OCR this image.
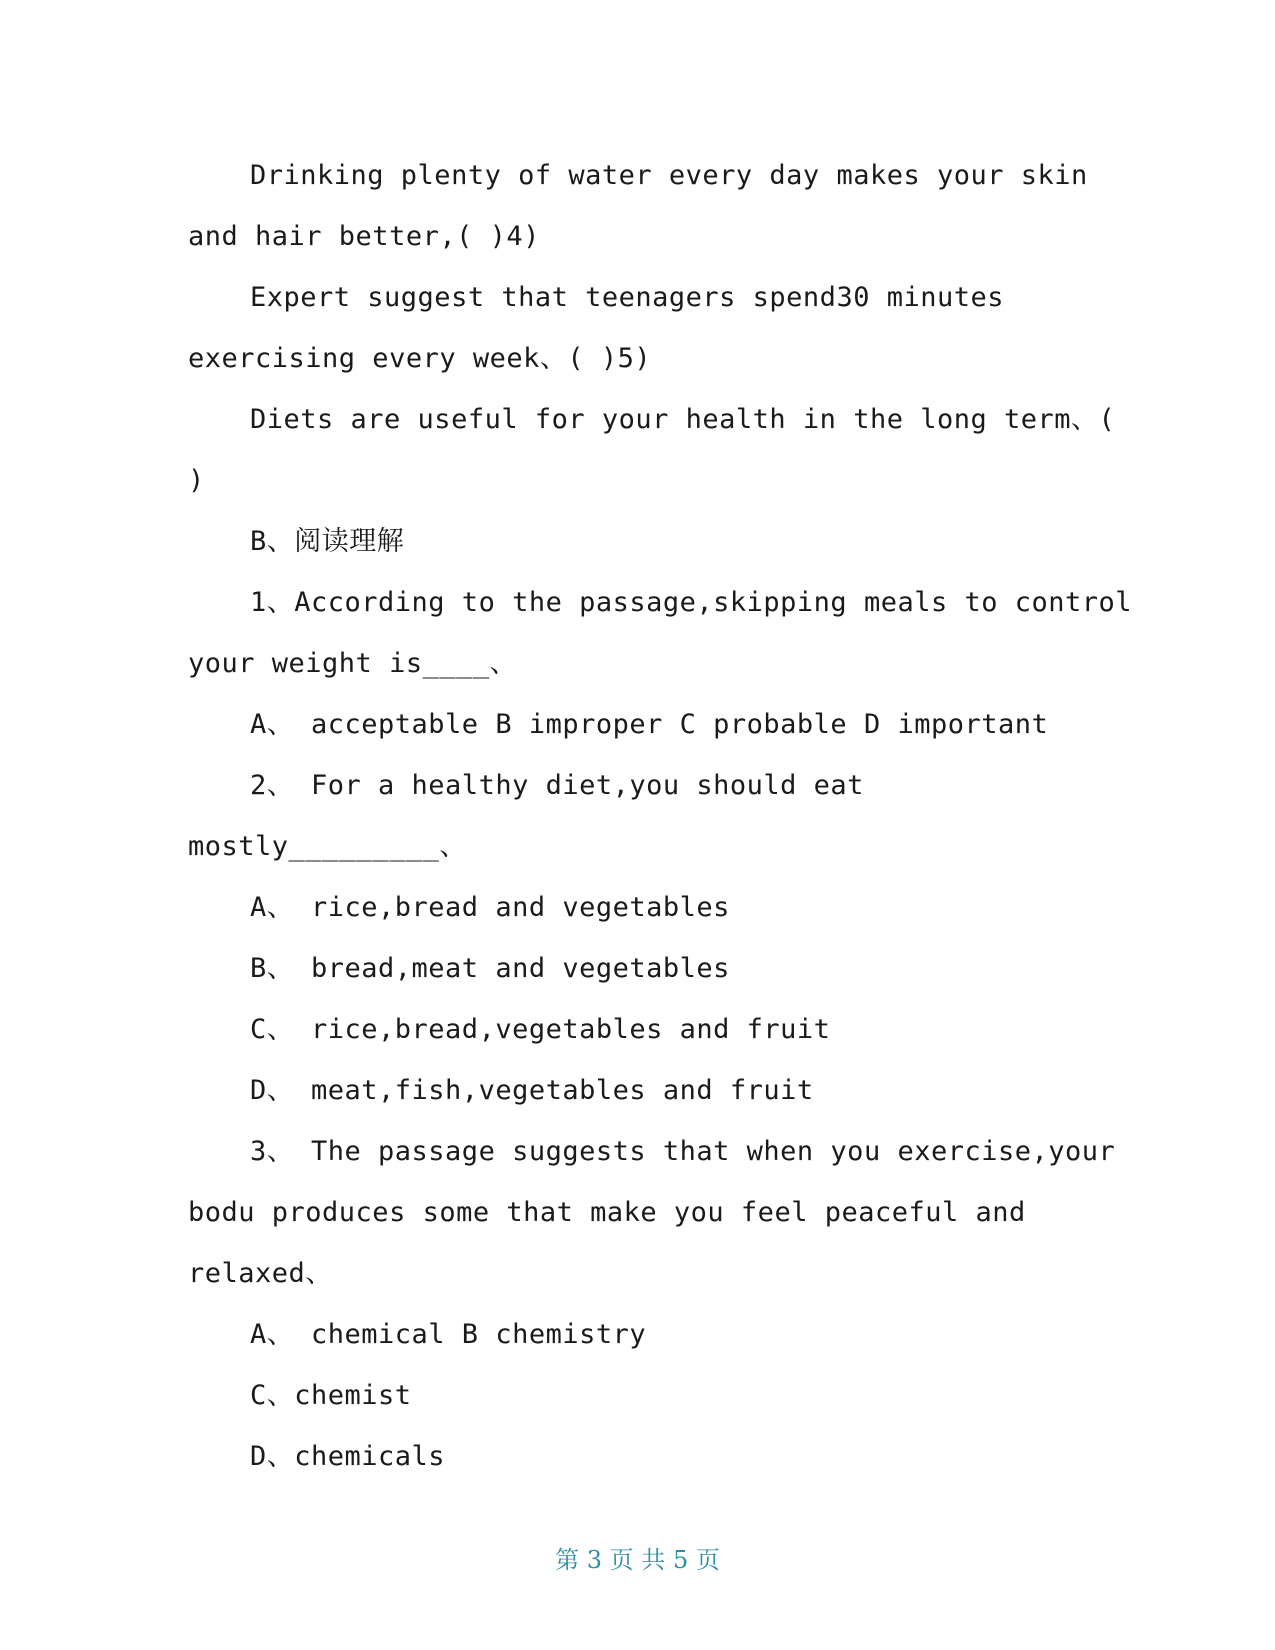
Drinking plenty of water every day makes your skin
and hair better,( )4)
Expert suggest that teenagers spend30 minutes
exercising every week、( )5)
Diets are useful for your health in the long term、(
)
B、阅读理解
1、According to the passage,skipping meals to control
your weight is____、
A、 acceptable B improper C probable D important
2、 For a healthy diet,you should eat
mostly_________、
A、 rice,bread and vegetables
B、 bread,meat and vegetables
C、 rice,bread,vegetables and fruit
D、 meat,fish,vegetables and fruit
3、 The passage suggests that when you exercise,your
bodu produces some that make you feel peaceful and
relaxed、
A、 chemical B chemistry
C、chemist
D、chemicals
第 3 页 共 5 页
